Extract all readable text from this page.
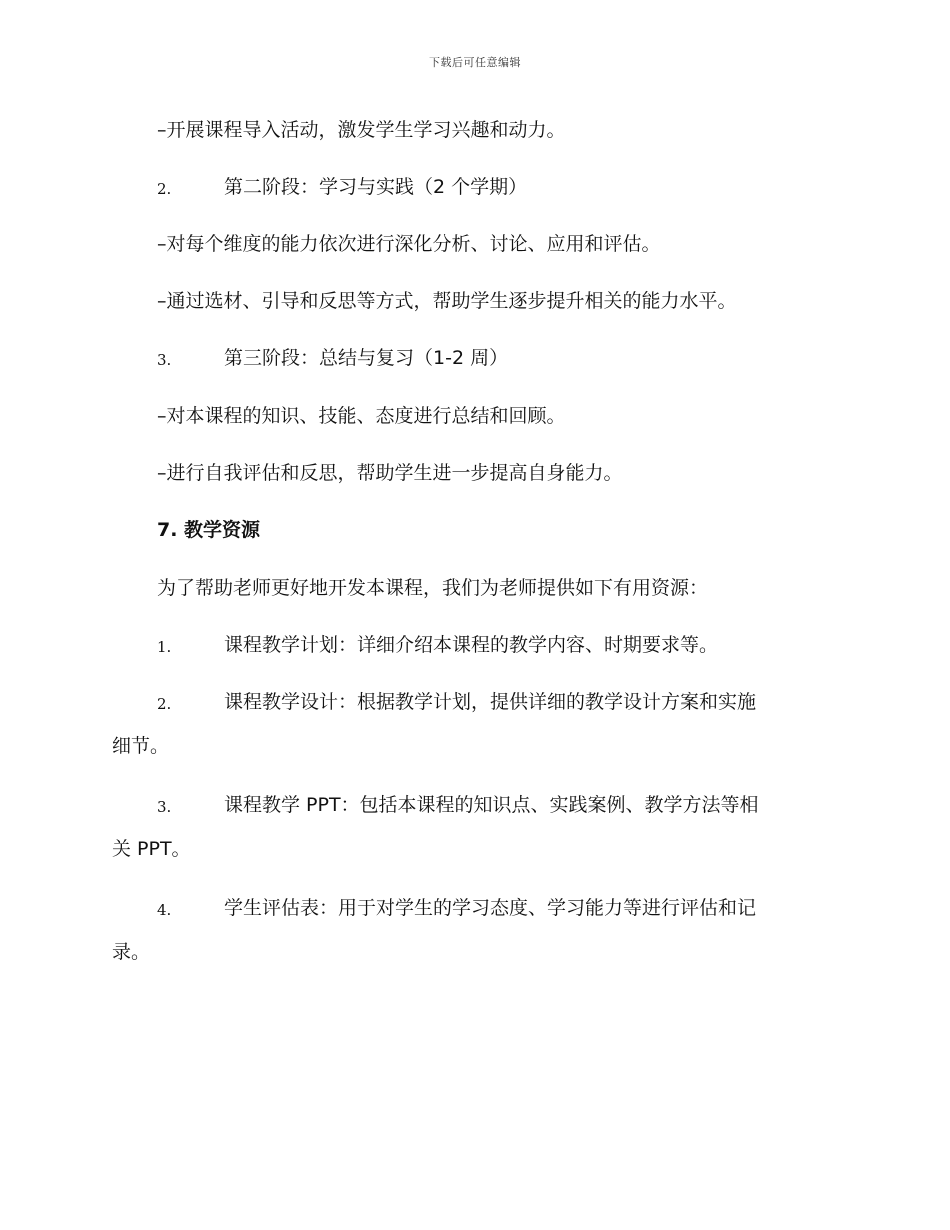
下载后可任意编辑
–开展课程导入活动，激发学生学习兴趣和动力。
2.	第二阶段：学习与实践（2 个学期）
–对每个维度的能力依次进行深化分析、讨论、应用和评估。
–通过选材、引导和反思等方式，帮助学生逐步提升相关的能力水平。
3.	第三阶段：总结与复习（1-2 周）
–对本课程的知识、技能、态度进行总结和回顾。
–进行自我评估和反思，帮助学生进一步提高自身能力。
7. 教学资源
为了帮助老师更好地开发本课程，我们为老师提供如下有用资源：
1.	课程教学计划：详细介绍本课程的教学内容、时期要求等。
2.	课程教学设计：根据教学计划，提供详细的教学设计方案和实施
细节。
3.	课程教学 PPT：包括本课程的知识点、实践案例、教学方法等相
关 PPT。
4.	学生评估表：用于对学生的学习态度、学习能力等进行评估和记
录。
